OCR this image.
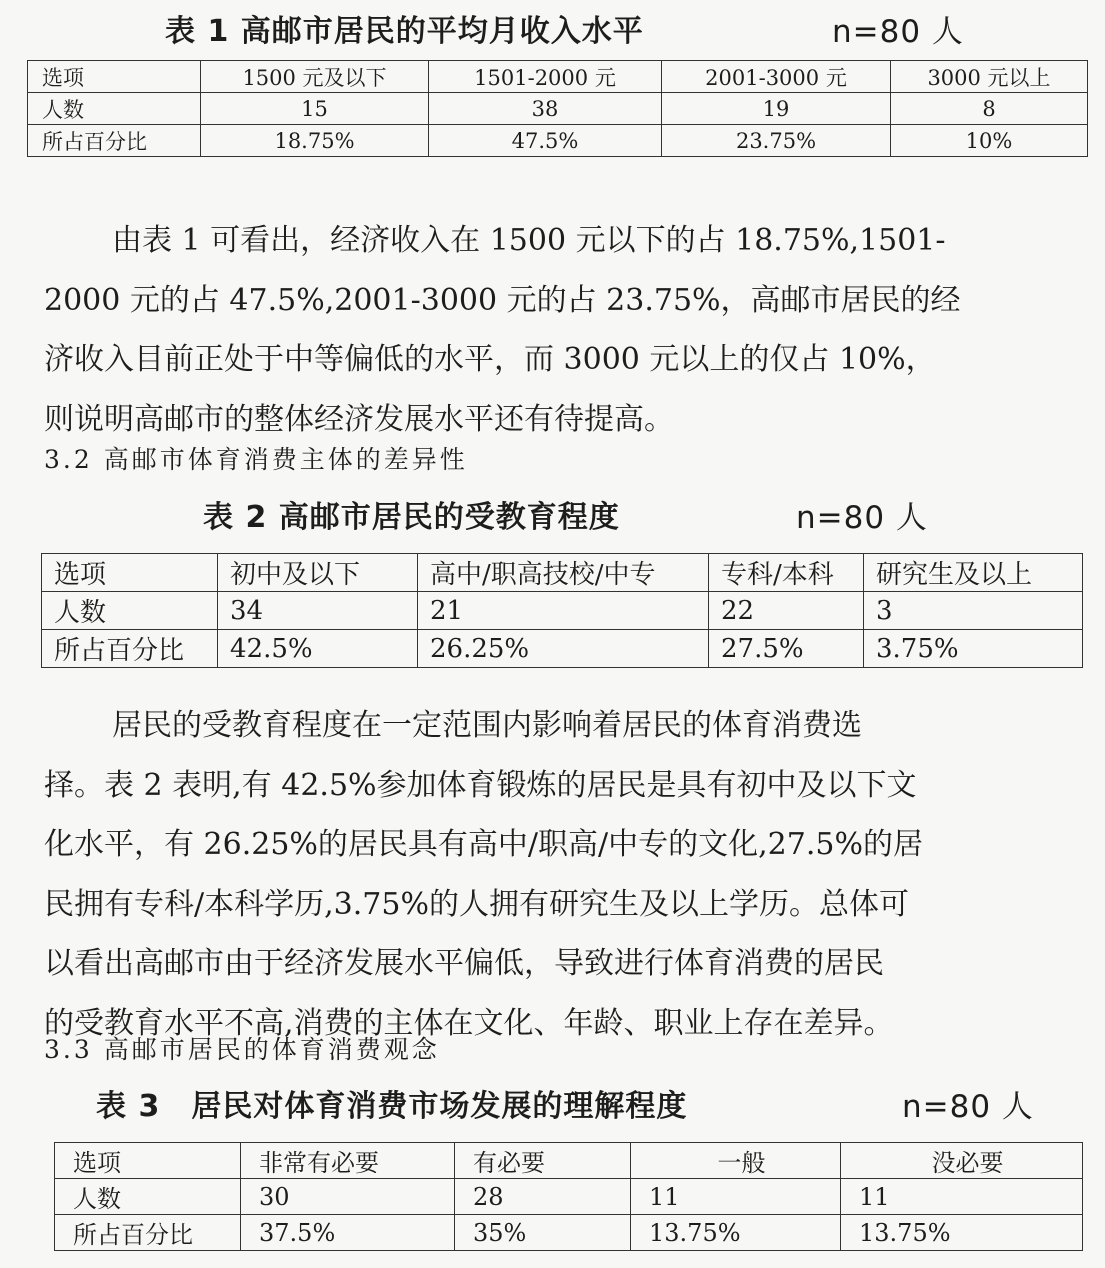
表 1 高邮市居民的平均月收入水平	n=80 人
选项	1500 元及以下	1501-2000 元	2001-3000 元	3000 元以上
人数	15	38	19	8
所占百分比	18.75%	47.5%	23.75%	10%
由表 1 可看出，经济收入在 1500 元以下的占 18.75%,1501-
2000 元的占 47.5%,2001-3000 元的占 23.75%，高邮市居民的经
济收入目前正处于中等偏低的水平，而 3000 元以上的仅占 10%，
则说明高邮市的整体经济发展水平还有待提高。
3.2 高邮市体育消费主体的差异性
表 2 高邮市居民的受教育程度	n=80 人
选项	初中及以下	高中/职高技校/中专	专科/本科	研究生及以上
人数	34	21	22	3
所占百分比	42.5%	26.25%	27.5%	3.75%
居民的受教育程度在一定范围内影响着居民的体育消费选
择。表 2 表明,有 42.5%参加体育锻炼的居民是具有初中及以下文
化水平，有 26.25%的居民具有高中/职高/中专的文化,27.5%的居
民拥有专科/本科学历,3.75%的人拥有研究生及以上学历。总体可
以看出高邮市由于经济发展水平偏低，导致进行体育消费的居民
的受教育水平不高,消费的主体在文化、年龄、职业上存在差异。
3.3 高邮市居民的体育消费观念
表 3　居民对体育消费市场发展的理解程度	n=80 人
选项	非常有必要	有必要	一般	没必要
人数	30	28	11	11
所占百分比	37.5%	35%	13.75%	13.75%
